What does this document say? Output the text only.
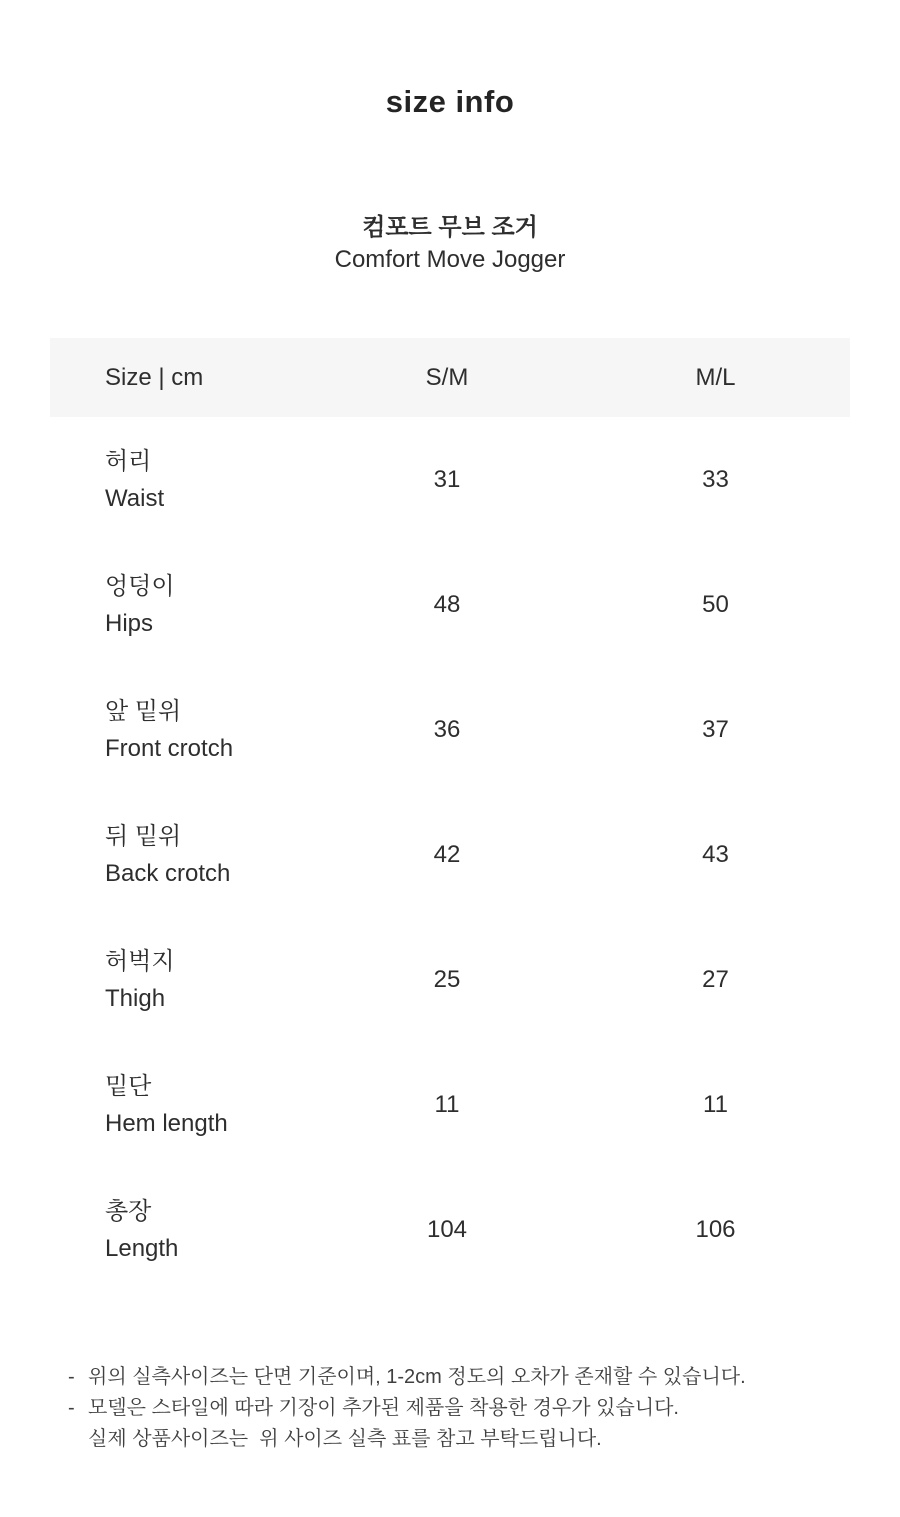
size info
컴포트 무브 조거
Comfort Move Jogger
Size | cm	S/M	M/L

허리
Waist	31	33

엉덩이
Hips	48	50

앞 밑위
Front crotch	36	37

뒤 밑위
Back crotch	42	43

허벅지
Thigh	25	27

밑단
Hem length	11	11

총장
Length	104	106
- 위의 실측사이즈는 단면 기준이며, 1-2cm 정도의 오차가 존재할 수 있습니다.
- 모델은 스타일에 따라 기장이 추가된 제품을 착용한 경우가 있습니다.
실제 상품사이즈는  위 사이즈 실측 표를 참고 부탁드립니다.
